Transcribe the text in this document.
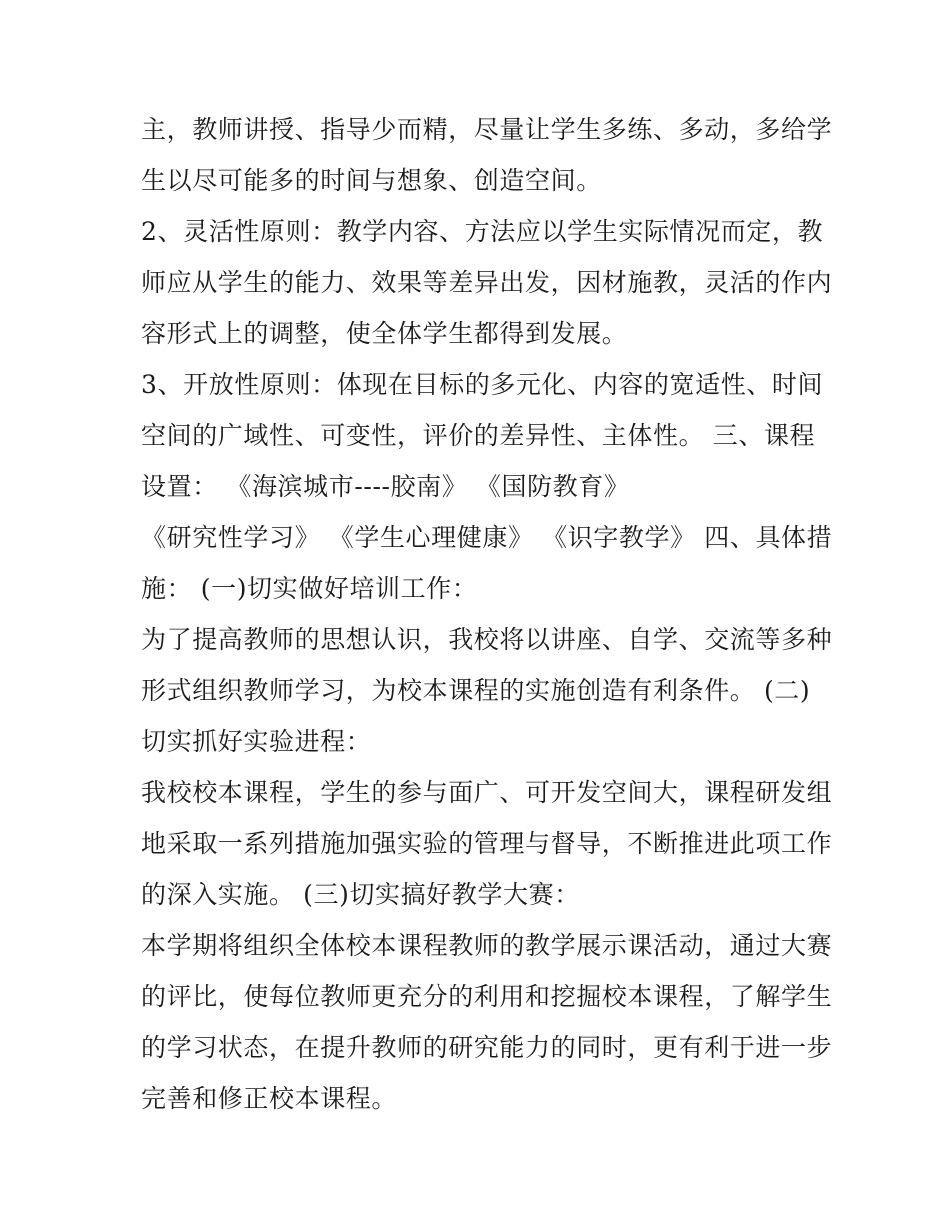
主，教师讲授、指导少而精，尽量让学生多练、多动，多给学
生以尽可能多的时间与想象、创造空间。
2、灵活性原则：教学内容、方法应以学生实际情况而定，教
师应从学生的能力、效果等差异出发，因材施教，灵活的作内
容形式上的调整，使全体学生都得到发展。
3、开放性原则：体现在目标的多元化、内容的宽适性、时间
空间的广域性、可变性，评价的差异性、主体性。 三、课程
设置： 《海滨城市----胶南》 《国防教育》
《研究性学习》 《学生心理健康》 《识字教学》 四、具体措
施： (一)切实做好培训工作：
为了提高教师的思想认识，我校将以讲座、自学、交流等多种
形式组织教师学习，为校本课程的实施创造有利条件。 (二)
切实抓好实验进程：
我校校本课程，学生的参与面广、可开发空间大，课程研发组
地采取一系列措施加强实验的管理与督导，不断推进此项工作
的深入实施。 (三)切实搞好教学大赛：
本学期将组织全体校本课程教师的教学展示课活动，通过大赛
的评比，使每位教师更充分的利用和挖掘校本课程，了解学生
的学习状态，在提升教师的研究能力的同时，更有利于进一步
完善和修正校本课程。
